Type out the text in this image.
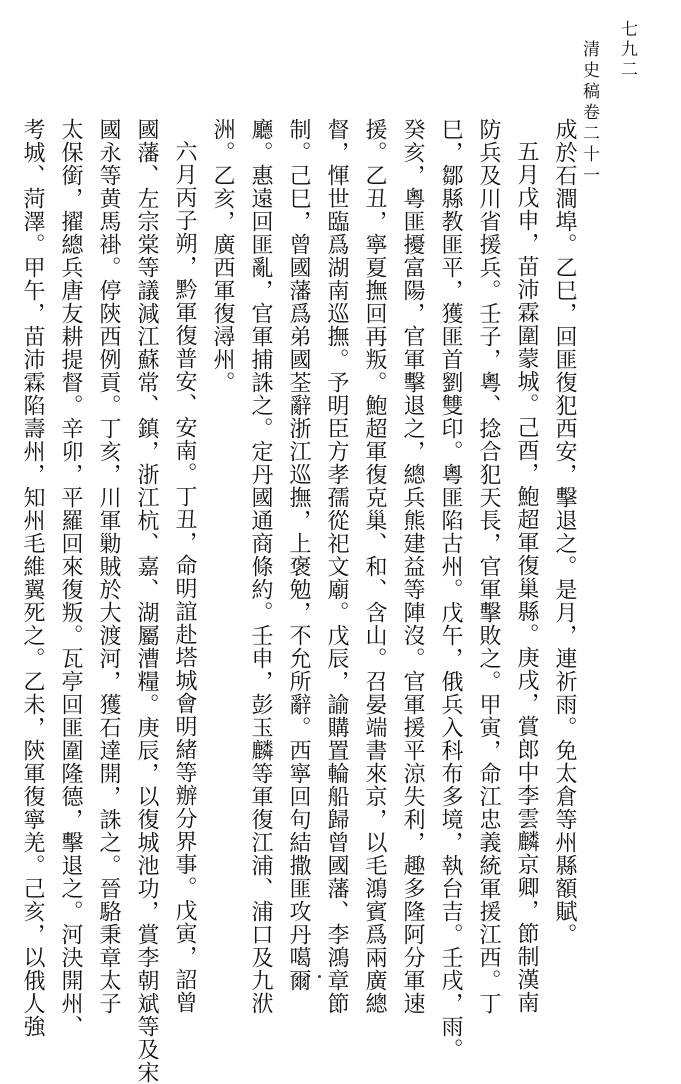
七九二
清史稿卷二十一
成於石澗埠。乙巳，回匪復犯西安，擊退之。是月，連祈雨。免太倉等州縣額賦。
五月戊申，苗沛霖圍蒙城。己酉，鮑超軍復巢縣。庚戌，賞郎中李雲麟京卿，節制漢南
防兵及川省援兵。壬子，粵、捻合犯天長，官軍擊敗之。甲寅，命江忠義統軍援江西。丁
巳，鄒縣教匪平，獲匪首劉雙印。粵匪陷古州。戊午，俄兵入科布多境，執台吉。壬戌，雨。
癸亥，粵匪擾富陽，官軍擊退之，總兵熊建益等陣沒。官軍援平涼失利，趣多隆阿分軍速
援。乙丑，寧夏撫回再叛。鮑超軍復克巢、和、含山。召晏端書來京，以毛鴻賓爲兩廣總
督，惲世臨爲湖南巡撫。予明臣方孝孺從祀文廟。戊辰，諭購置輪船歸曾國藩、李鴻章節
制。己巳，曾國藩爲弟國荃辭浙江巡撫，上褒勉，不允所辭。西寧回句結撒匪攻丹噶爾
廳。惠遠回匪亂，官軍捕誅之。定丹國通商條約。壬申，彭玉麟等軍復江浦、浦口及九洑
洲。乙亥，廣西軍復潯州。
六月丙子朔，黔軍復普安、安南。丁丑，命明誼赴塔城會明緒等辦分界事。戊寅，詔曾
國藩、左宗棠等議減江蘇常、鎮，浙江杭、嘉、湖屬漕糧。庚辰，以復城池功，賞李朝斌等及宋
國永等黄馬褂。停陝西例貢。丁亥，川軍勦賊於大渡河，獲石達開，誅之。晉駱秉章太子
太保銜，擢總兵唐友耕提督。辛卯，平羅回來復叛。瓦亭回匪圍隆德，擊退之。河決開州、
考城、菏澤。甲午，苗沛霖陷壽州，知州毛維翼死之。乙未，陝軍復寧羌。己亥，以俄人強
